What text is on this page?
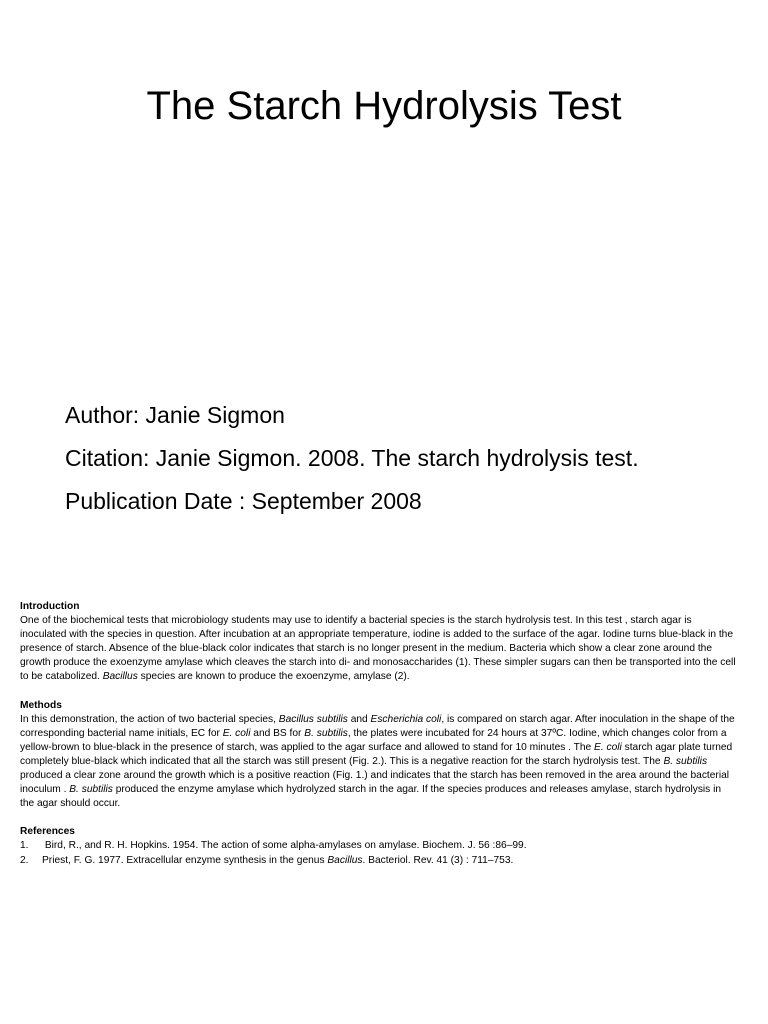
The Starch Hydrolysis Test
Author: Janie Sigmon
Citation: Janie Sigmon. 2008. The starch hydrolysis test.
Publication Date : September 2008
Introduction

One of the biochemical tests that microbiology students may use to identify a bacterial species is the starch hydrolysis test. In this test , starch agar is inoculated with the species in question. After incubation at an appropriate temperature, iodine is added to the surface of the agar. Iodine turns blue-black in the presence of starch. Absence of the blue-black color indicates that starch is no longer present in the medium. Bacteria which show a clear zone around the growth produce the exoenzyme amylase which cleaves the starch into di- and monosaccharides (1). These simpler sugars can then be transported into the cell to be catabolized. Bacillus species are known to produce the exoenzyme, amylase (2).

Methods

In this demonstration, the action of two bacterial species, Bacillus subtilis and Escherichia coli, is compared on starch agar. After inoculation in the shape of the corresponding bacterial name initials, EC for E. coli and BS for B. subtilis, the plates were incubated for 24 hours at 37ºC. Iodine, which changes color from a yellow-brown to blue-black in the presence of starch, was applied to the agar surface and allowed to stand for 10 minutes . The E. coli starch agar plate turned completely blue-black which indicated that all the starch was still present (Fig. 2.). This is a negative reaction for the starch hydrolysis test. The B. subtilis produced a clear zone around the growth which is a positive reaction (Fig. 1.) and indicates that the starch has been removed in the area around the bacterial inoculum . B. subtilis produced the enzyme amylase which hydrolyzed starch in the agar. If the species produces and releases amylase, starch hydrolysis in the agar should occur.

References
1. Bird, R., and R. H. Hopkins. 1954. The action of some alpha-amylases on amylase. Biochem. J. 56 :86–99.
2. Priest, F. G. 1977. Extracellular enzyme synthesis in the genus Bacillus. Bacteriol. Rev. 41 (3) : 711–753.
